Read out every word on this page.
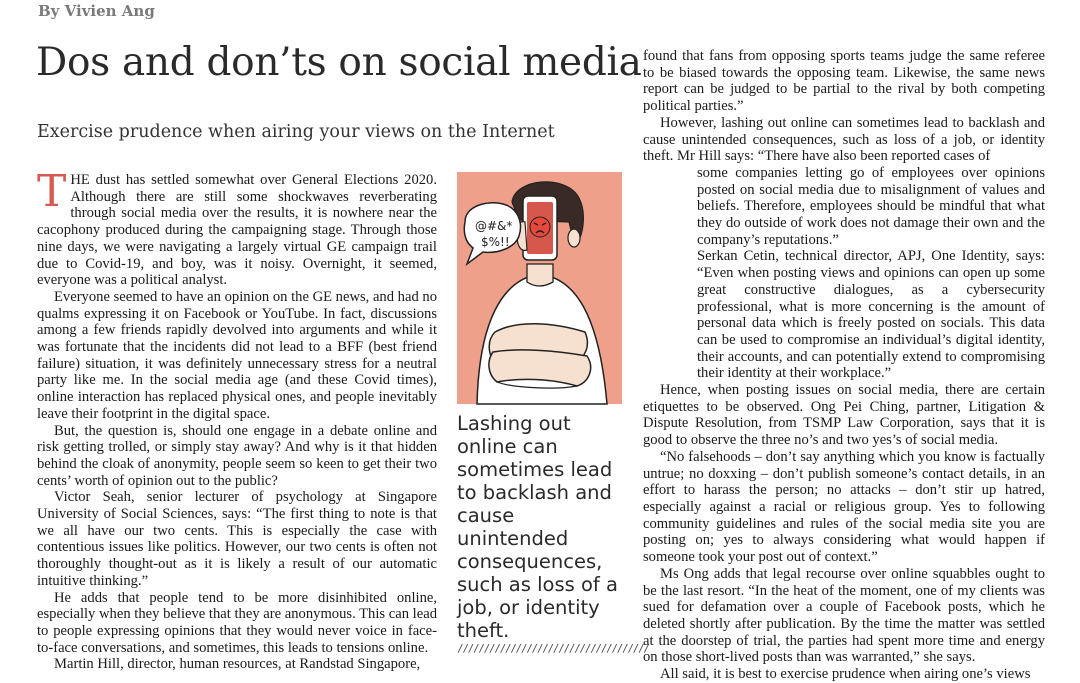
By Vivien Ang
Dos and don’ts on social media
Exercise prudence when airing your views on the Internet

THE dust has settled somewhat over General Elections 2020. Although there are still some shockwaves reverberating through social media over the results, it is nowhere near the cacophony produced during the campaigning stage. Through those nine days, we were navigating a largely virtual GE campaign trail due to Covid-19, and boy, was it noisy. Overnight, it seemed, everyone was a political analyst.

Everyone seemed to have an opinion on the GE news, and had no qualms expressing it on Facebook or YouTube. In fact, discussions among a few friends rapidly devolved into arguments and while it was fortunate that the incidents did not lead to a BFF (best friend failure) situation, it was definitely unnecessary stress for a neutral party like me. In the social media age (and these Covid times), online interaction has replaced physical ones, and people inevitably leave their footprint in the digital space.

But, the question is, should one engage in a debate online and risk getting trolled, or simply stay away? And why is it that hidden behind the cloak of anonymity, people seem so keen to get their two cents’ worth of opinion out to the public?

Victor Seah, senior lecturer of psychology at Singapore University of Social Sciences, says: “The first thing to note is that we all have our two cents. This is especially the case with contentious issues like politics. However, our two cents is often not thoroughly thought-out as it is likely a result of our automatic intuitive thinking.”

He adds that people tend to be more disinhibited online, especially when they believe that they are anonymous. This can lead to people expressing opinions that they would never voice in face-to-face conversations, and sometimes, this leads to tensions online.

Martin Hill, director, human resources, at Randstad Singapore,

@#&*
$%!!
Lashing out online can sometimes lead to backlash and cause unintended consequences, such as loss of a job, or identity theft.
////////////////////////////////////

found that fans from opposing sports teams judge the same referee to be biased towards the opposing team. Likewise, the same news report can be judged to be partial to the rival by both competing political parties.”

However, lashing out online can sometimes lead to backlash and cause unintended consequences, such as loss of a job, or identity theft. Mr Hill says: “There have also been reported cases of

some companies letting go of employees over opinions posted on social media due to misalignment of values and beliefs. Therefore, employees should be mindful that what they do outside of work does not damage their own and the company’s reputations.”

Serkan Cetin, technical director, APJ, One Identity, says: “Even when posting views and opinions can open up some great constructive dialogues, as a cybersecurity professional, what is more concerning is the amount of personal data which is freely posted on socials. This data can be used to compromise an individual’s digital identity, their accounts, and can potentially extend to compromising their identity at their workplace.”

Hence, when posting issues on social media, there are certain etiquettes to be observed. Ong Pei Ching, partner, Litigation & Dispute Resolution, from TSMP Law Corporation, says that it is good to observe the three no’s and two yes’s of social media.

“No falsehoods – don’t say anything which you know is factually untrue; no doxxing – don’t publish someone’s contact details, in an effort to harass the person; no attacks – don’t stir up hatred, especially against a racial or religious group. Yes to following community guidelines and rules of the social media site you are posting on; yes to always considering what would happen if someone took your post out of context.”

Ms Ong adds that legal recourse over online squabbles ought to be the last resort. “In the heat of the moment, one of my clients was sued for defamation over a couple of Facebook posts, which he deleted shortly after publication. By the time the matter was settled at the doorstep of trial, the parties had spent more time and energy on those short-lived posts than was warranted,” she says.

All said, it is best to exercise prudence when airing one’s views
